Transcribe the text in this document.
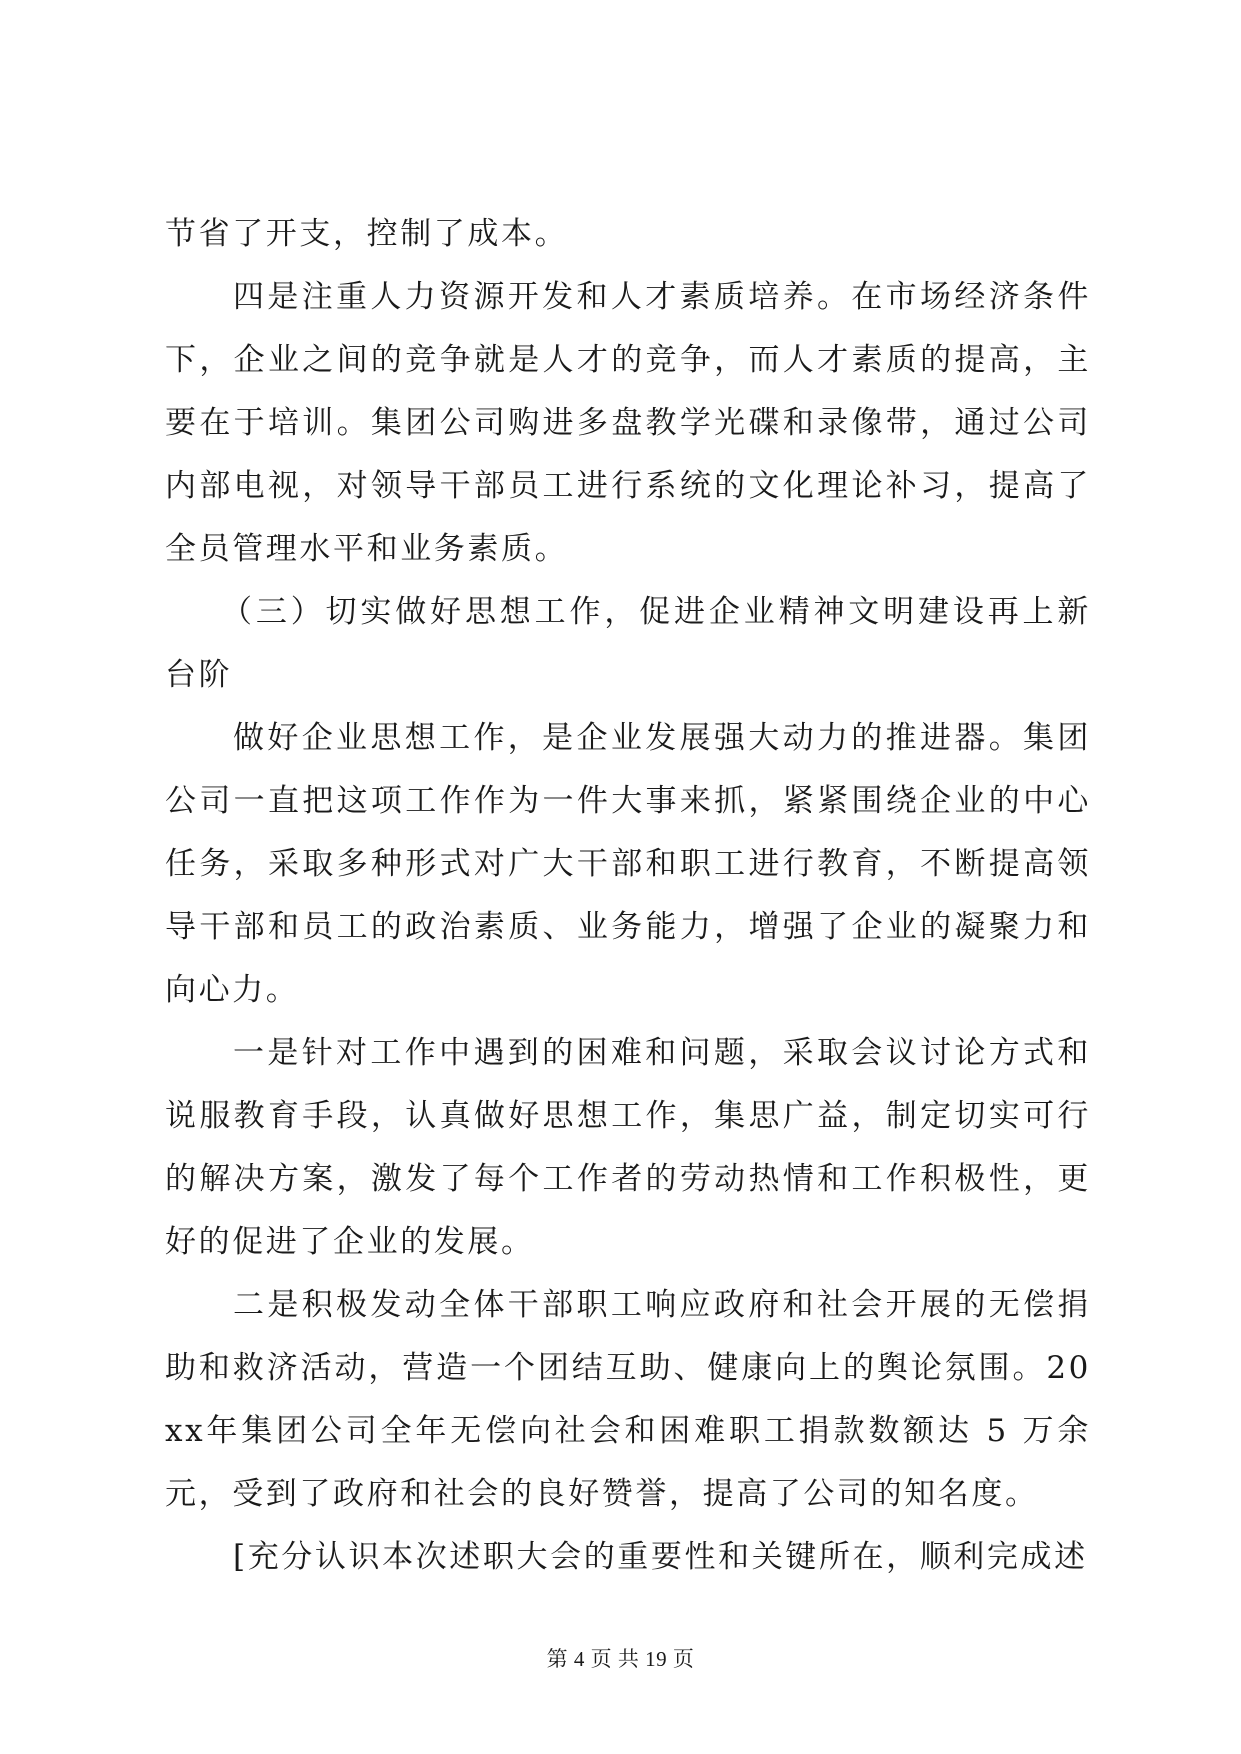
节省了开支，控制了成本。

四是注重人力资源开发和人才素质培养。在市场经济条件下，企业之间的竞争就是人才的竞争，而人才素质的提高，主要在于培训。集团公司购进多盘教学光碟和录像带，通过公司内部电视，对领导干部员工进行系统的文化理论补习，提高了全员管理水平和业务素质。

（三）切实做好思想工作，促进企业精神文明建设再上新台阶

做好企业思想工作，是企业发展强大动力的推进器。集团公司一直把这项工作作为一件大事来抓，紧紧围绕企业的中心任务，采取多种形式对广大干部和职工进行教育，不断提高领导干部和员工的政治素质、业务能力，增强了企业的凝聚力和向心力。

一是针对工作中遇到的困难和问题，采取会议讨论方式和说服教育手段，认真做好思想工作，集思广益，制定切实可行的解决方案，激发了每个工作者的劳动热情和工作积极性，更好的促进了企业的发展。

二是积极发动全体干部职工响应政府和社会开展的无偿捐助和救济活动，营造一个团结互助、健康向上的舆论氛围。20xx年集团公司全年无偿向社会和困难职工捐款数额达 5 万余元，受到了政府和社会的良好赞誉，提高了公司的知名度。

[充分认识本次述职大会的重要性和关键所在，顺利完成述

第 4 页 共 19 页
